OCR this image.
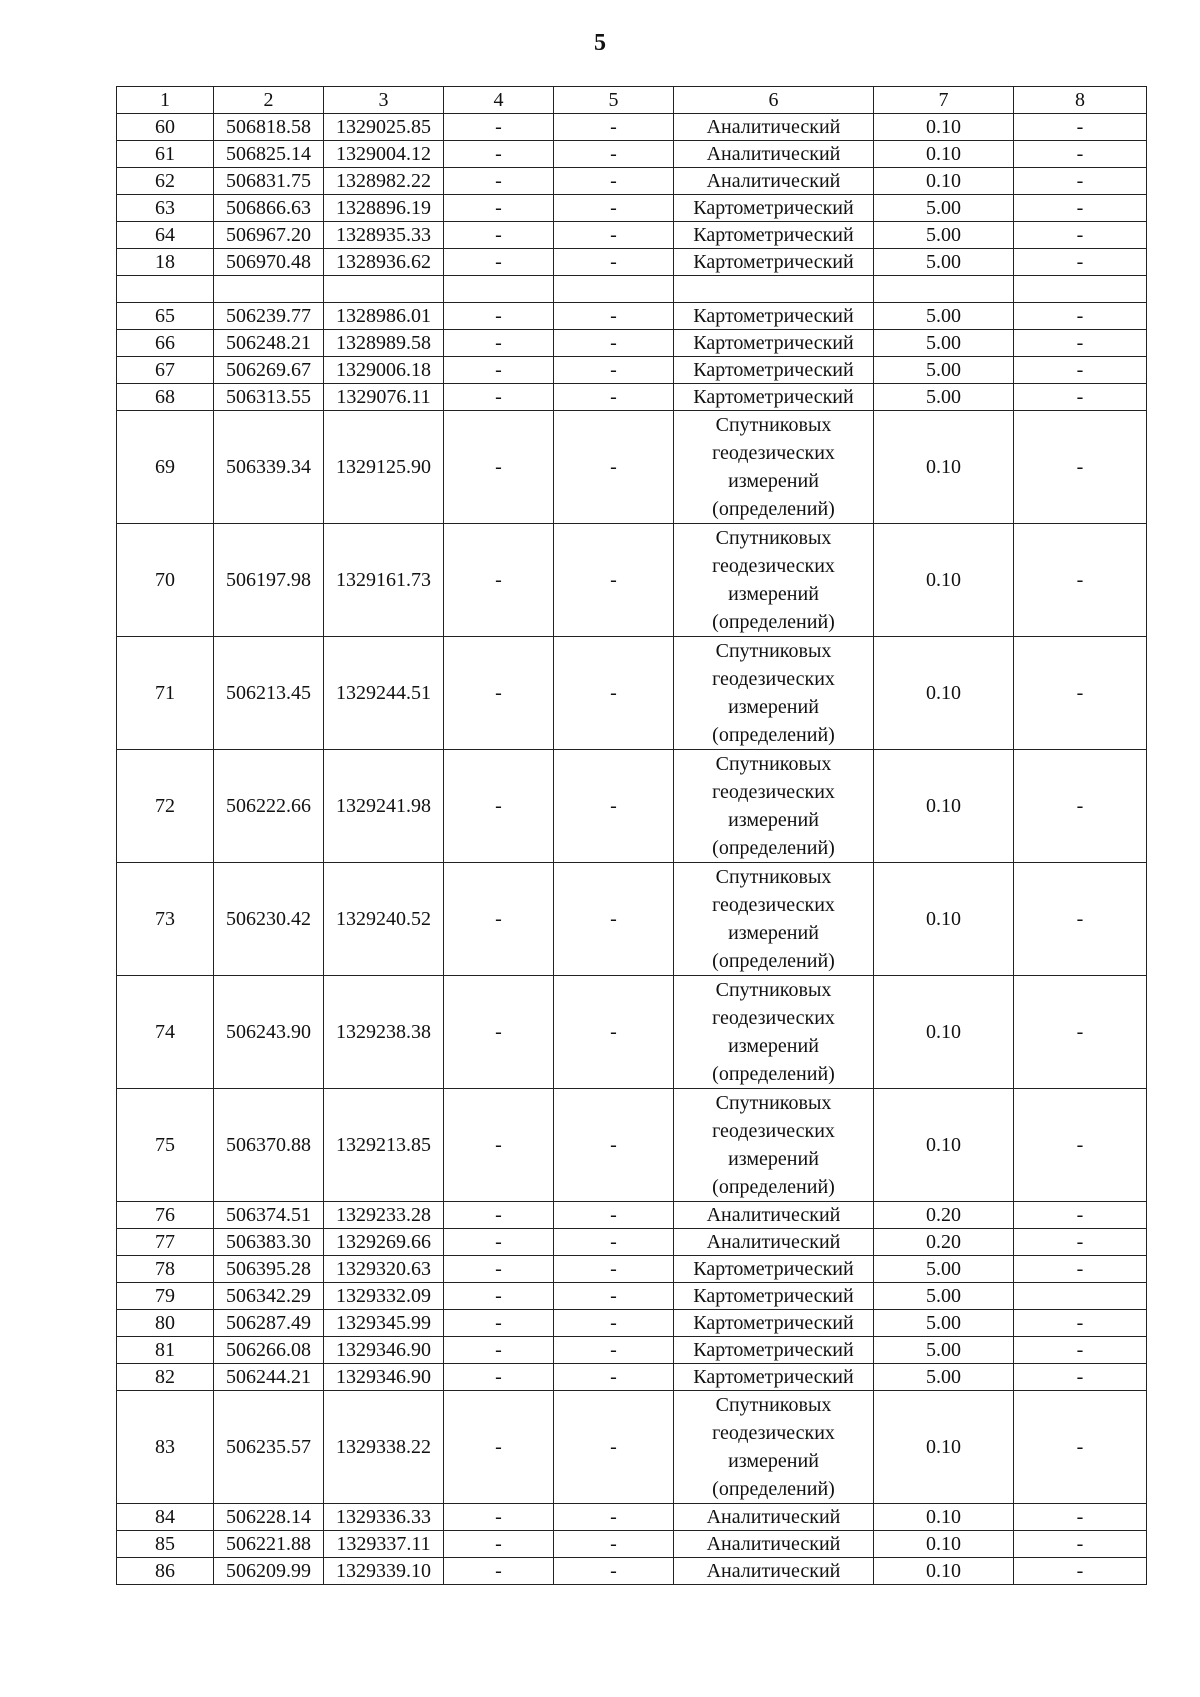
5
1	2	3	4	5	6	7	8
60	506818.58	1329025.85	-	-	Аналитический	0.10	-
61	506825.14	1329004.12	-	-	Аналитический	0.10	-
62	506831.75	1328982.22	-	-	Аналитический	0.10	-
63	506866.63	1328896.19	-	-	Картометрический	5.00	-
64	506967.20	1328935.33	-	-	Картометрический	5.00	-
18	506970.48	1328936.62	-	-	Картометрический	5.00	-

65	506239.77	1328986.01	-	-	Картометрический	5.00	-
66	506248.21	1328989.58	-	-	Картометрический	5.00	-
67	506269.67	1329006.18	-	-	Картометрический	5.00	-
68	506313.55	1329076.11	-	-	Картометрический	5.00	-
69	506339.34	1329125.90	-	-	Спутниковых геодезических измерений (определений)	0.10	-
70	506197.98	1329161.73	-	-	Спутниковых геодезических измерений (определений)	0.10	-
71	506213.45	1329244.51	-	-	Спутниковых геодезических измерений (определений)	0.10	-
72	506222.66	1329241.98	-	-	Спутниковых геодезических измерений (определений)	0.10	-
73	506230.42	1329240.52	-	-	Спутниковых геодезических измерений (определений)	0.10	-
74	506243.90	1329238.38	-	-	Спутниковых геодезических измерений (определений)	0.10	-
75	506370.88	1329213.85	-	-	Спутниковых геодезических измерений (определений)	0.10	-
76	506374.51	1329233.28	-	-	Аналитический	0.20	-
77	506383.30	1329269.66	-	-	Аналитический	0.20	-
78	506395.28	1329320.63	-	-	Картометрический	5.00	-
79	506342.29	1329332.09	-	-	Картометрический	5.00	
80	506287.49	1329345.99	-	-	Картометрический	5.00	-
81	506266.08	1329346.90	-	-	Картометрический	5.00	-
82	506244.21	1329346.90	-	-	Картометрический	5.00	-
83	506235.57	1329338.22	-	-	Спутниковых геодезических измерений (определений)	0.10	-
84	506228.14	1329336.33	-	-	Аналитический	0.10	-
85	506221.88	1329337.11	-	-	Аналитический	0.10	-
86	506209.99	1329339.10	-	-	Аналитический	0.10	-
